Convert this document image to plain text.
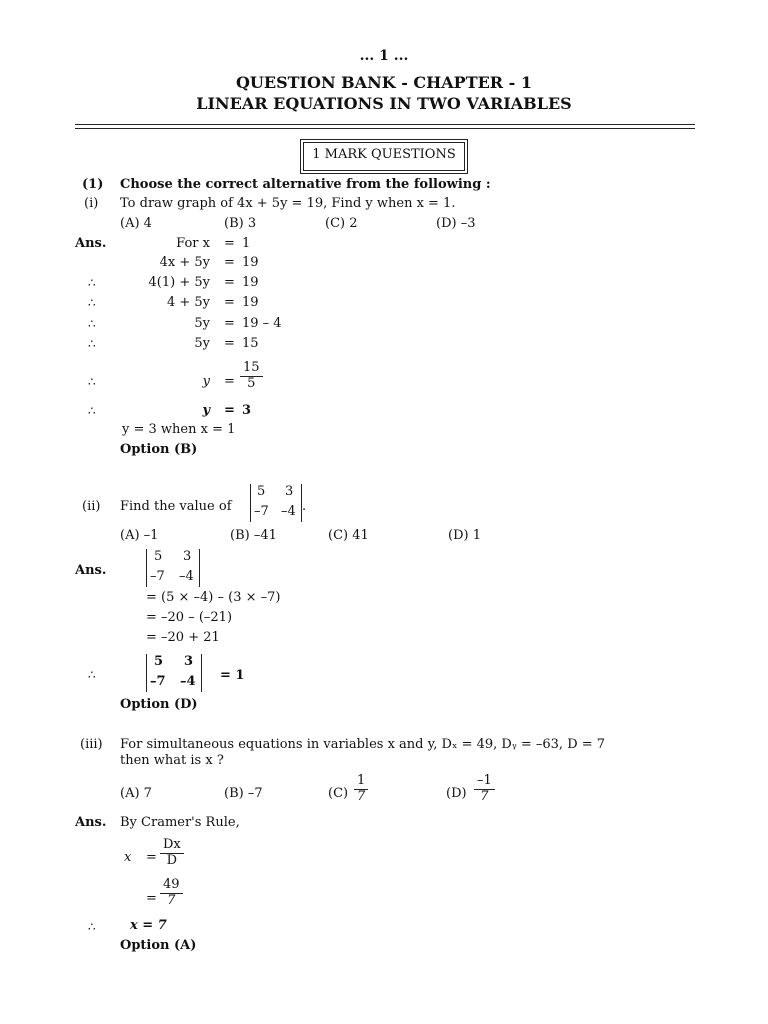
... 1 ...
QUESTION BANK - CHAPTER - 1
LINEAR EQUATIONS IN TWO VARIABLES
1 MARK QUESTIONS
(1) Choose the correct alternative from the following :
(i) To draw graph of 4x + 5y = 19, Find y when x = 1.
(A) 4	(B) 3	(C) 2	(D) –3
Ans.	For x = 1
4x + 5y = 19
∴	4(1) + 5y = 19
∴	4 + 5y = 19
∴	5y = 19 – 4
∴	5y = 15
∴	$y = \frac{15}{5}$
∴	y = 3
y = 3 when x = 1
Option (B)
(ii) Find the value of
5 3
–7 –4 .
(A) –1	(B) –41	(C) 41	(D) 1
Ans.
5 3
–7 –4
= (5 × –4) – (3 × –7)
= –20 – (–21)
= –20 + 21
∴
5 3
–7 –4 = 1
Option (D)
(iii) For simultaneous equations in variables x and y, Dₓ = 49, Dᵧ = –63, D = 7
then what is x ?
(A) 7	(B) –7	$(C) \frac{1}{7}$	$(D) \frac{-1}{7}$
Ans. By Cramer's Rule,
$x = \frac{Dx}{D}$
= $\frac{49}{7}$
∴	x = 7
Option (A)
